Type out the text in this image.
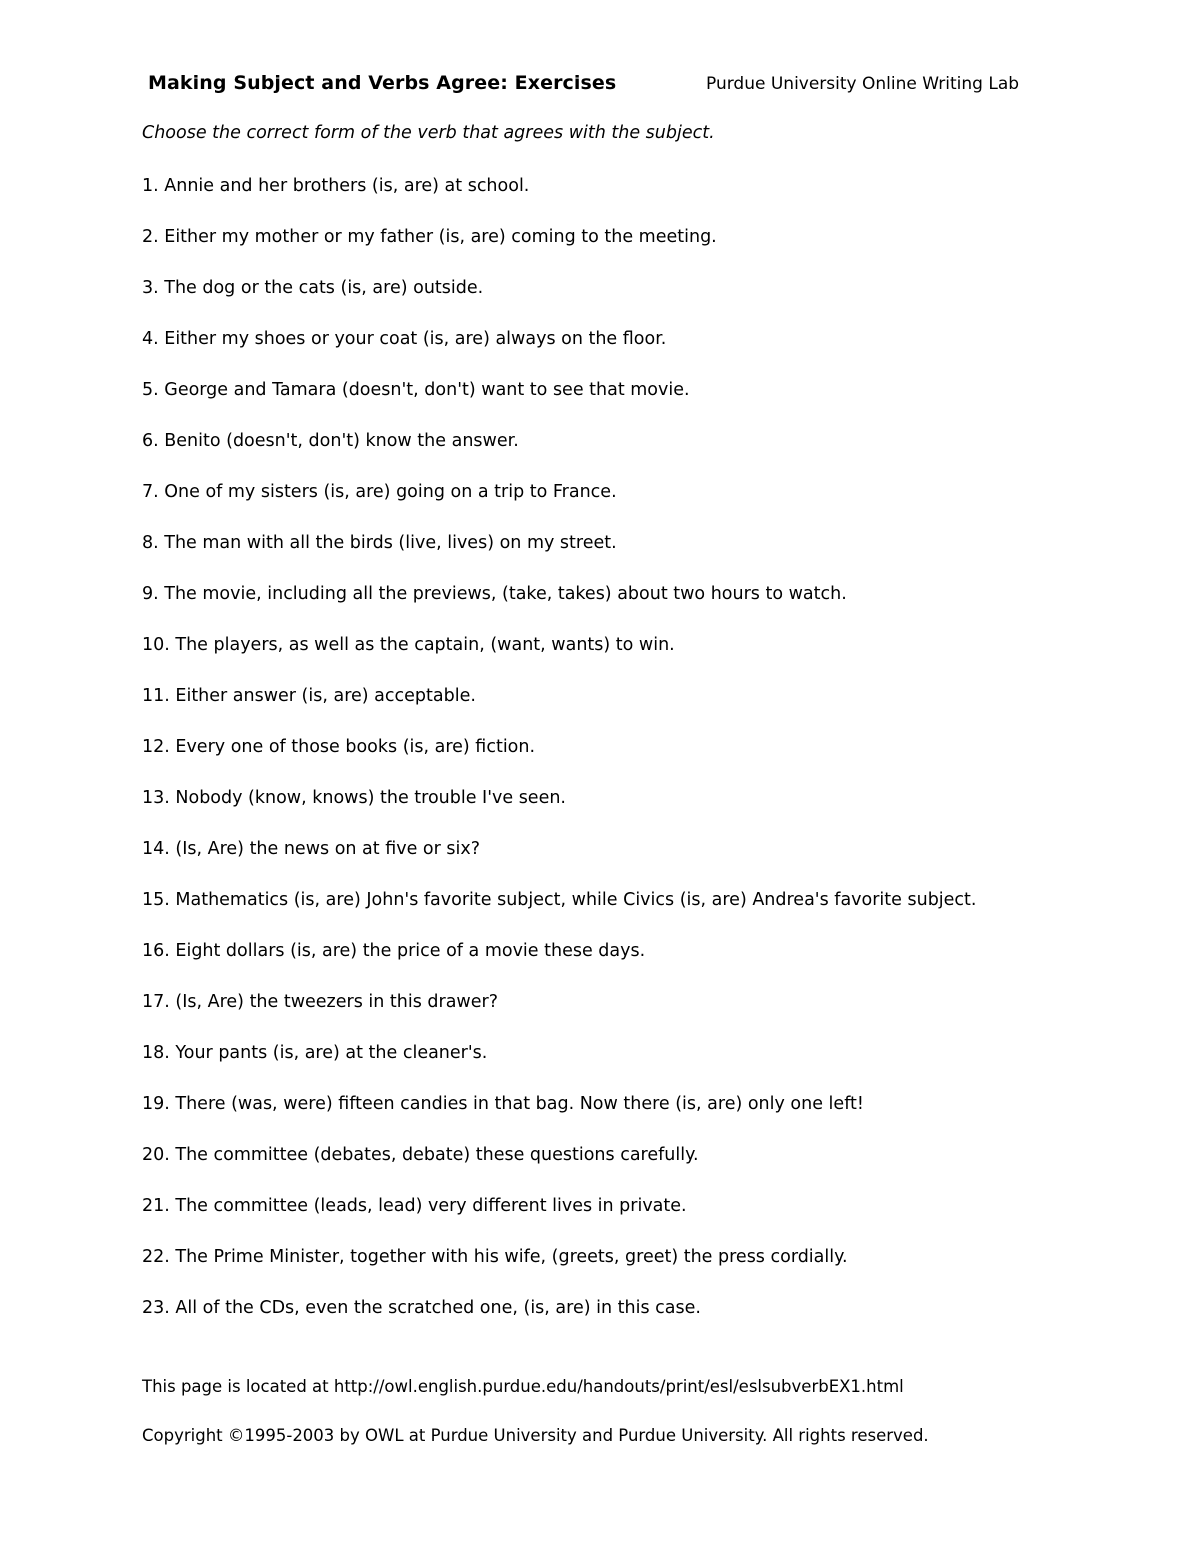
Making Subject and Verbs Agree: Exercises	Purdue University Online Writing Lab
Choose the correct form of the verb that agrees with the subject.
1. Annie and her brothers (is, are) at school.
2. Either my mother or my father (is, are) coming to the meeting.
3. The dog or the cats (is, are) outside.
4. Either my shoes or your coat (is, are) always on the floor.
5. George and Tamara (doesn't, don't) want to see that movie.
6. Benito (doesn't, don't) know the answer.
7. One of my sisters (is, are) going on a trip to France.
8. The man with all the birds (live, lives) on my street.
9. The movie, including all the previews, (take, takes) about two hours to watch.
10. The players, as well as the captain, (want, wants) to win.
11. Either answer (is, are) acceptable.
12. Every one of those books (is, are) fiction.
13. Nobody (know, knows) the trouble I've seen.
14. (Is, Are) the news on at five or six?
15. Mathematics (is, are) John's favorite subject, while Civics (is, are) Andrea's favorite subject.
16. Eight dollars (is, are) the price of a movie these days.
17. (Is, Are) the tweezers in this drawer?
18. Your pants (is, are) at the cleaner's.
19. There (was, were) fifteen candies in that bag. Now there (is, are) only one left!
20. The committee (debates, debate) these questions carefully.
21. The committee (leads, lead) very different lives in private.
22. The Prime Minister, together with his wife, (greets, greet) the press cordially.
23. All of the CDs, even the scratched one, (is, are) in this case.
This page is located at http://owl.english.purdue.edu/handouts/print/esl/eslsubverbEX1.html
Copyright ©1995-2003 by OWL at Purdue University and Purdue University. All rights reserved.
